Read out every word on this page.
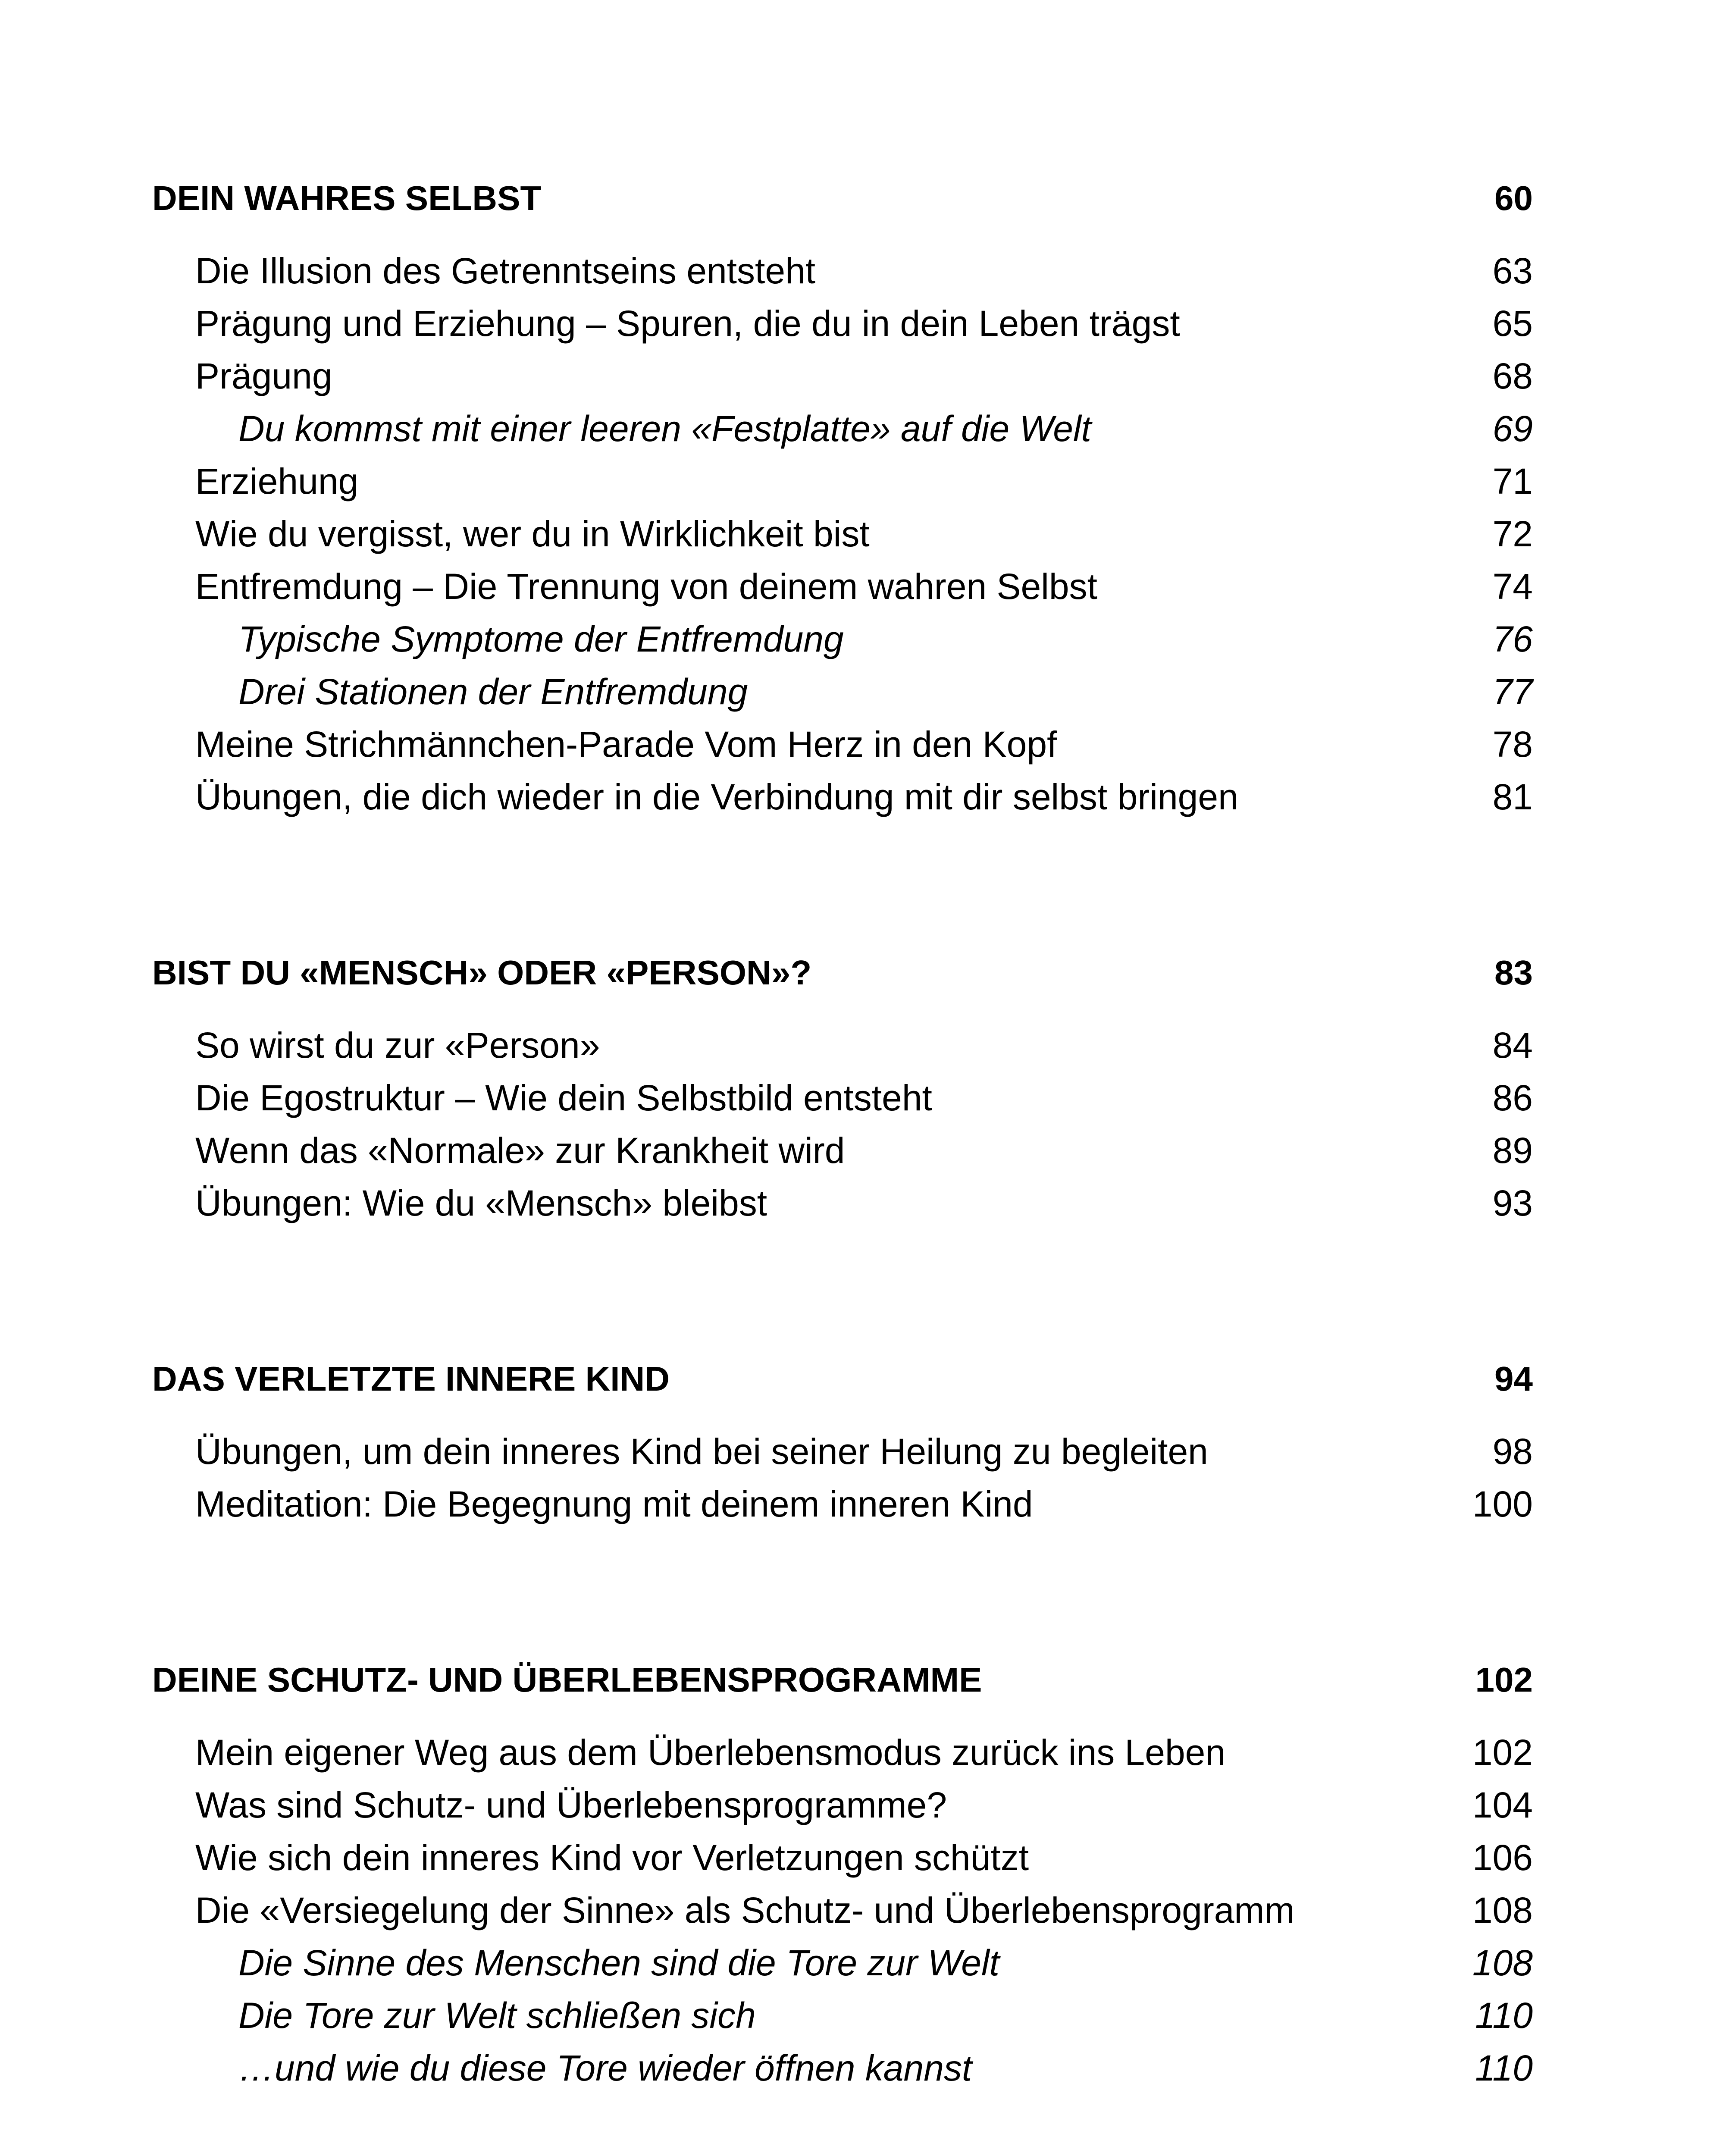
DEIN WAHRES SELBST	60
Die Illusion des Getrenntseins entsteht	63
Prägung und Erziehung – Spuren, die du in dein Leben trägst	65
Prägung	68
Du kommst mit einer leeren «Festplatte» auf die Welt	69
Erziehung	71
Wie du vergisst, wer du in Wirklichkeit bist	72
Entfremdung – Die Trennung von deinem wahren Selbst	74
Typische Symptome der Entfremdung	76
Drei Stationen der Entfremdung	77
Meine Strichmännchen-Parade Vom Herz in den Kopf	78
Übungen, die dich wieder in die Verbindung mit dir selbst bringen	81
BIST DU «MENSCH» ODER «PERSON»?	83
So wirst du zur «Person»	84
Die Egostruktur – Wie dein Selbstbild entsteht	86
Wenn das «Normale» zur Krankheit wird	89
Übungen: Wie du «Mensch» bleibst	93
DAS VERLETZTE INNERE KIND	94
Übungen, um dein inneres Kind bei seiner Heilung zu begleiten	98
Meditation: Die Begegnung mit deinem inneren Kind	100
DEINE SCHUTZ- UND ÜBERLEBENSPROGRAMME	102
Mein eigener Weg aus dem Überlebensmodus zurück ins Leben	102
Was sind Schutz- und Überlebensprogramme?	104
Wie sich dein inneres Kind vor Verletzungen schützt	106
Die «Versiegelung der Sinne» als Schutz- und Überlebensprogramm	108
Die Sinne des Menschen sind die Tore zur Welt	108
Die Tore zur Welt schließen sich	110
…und wie du diese Tore wieder öffnen kannst	110
